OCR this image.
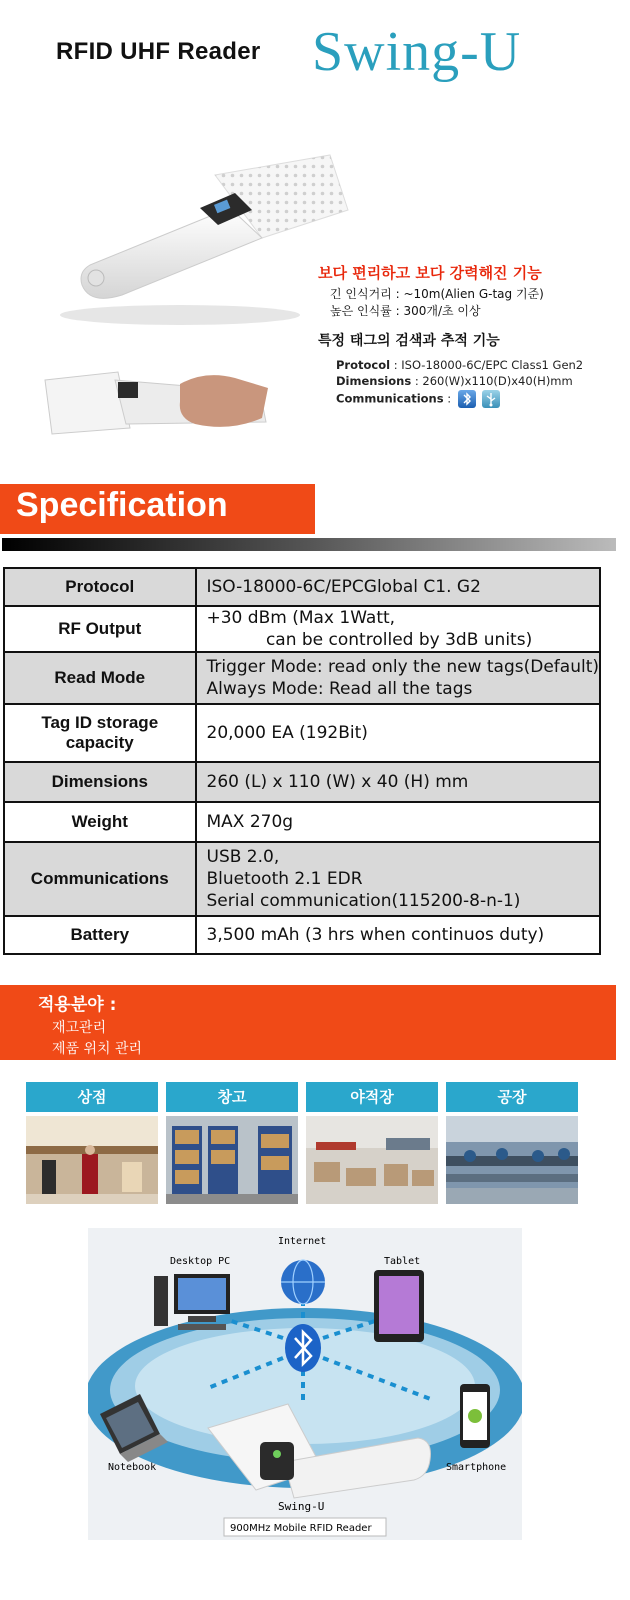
RFID UHF Reader Swing-U
보다 편리하고 보다 강력해진 기능
긴 인식거리 : ~10m(Alien G-tag 기준)
높은 인식률 : 300개/초 이상
특정 태그의 검색과 추적 기능
Protocol : ISO-18000-6C/EPC Class1 Gen2
Dimensions : 260(W)x110(D)x40(H)mm
Communications :
Specification
Protocol	ISO-18000-6C/EPCGlobal C1. G2

RF Output	+30 dBm (Max 1Watt,
can be controlled by 3dB units)

Read Mode	Trigger Mode: read only the new tags(Default)
Always Mode: Read all the tags

Tag ID storage capacity	20,000 EA (192Bit)

Dimensions	260 (L) x 110 (W) x 40 (H) mm

Weight	MAX 270g

Communications	USB 2.0,
Bluetooth 2.1 EDR
Serial communication(115200-8-n-1)

Battery	3,500 mAh (3 hrs when continuos duty)
적용분야 :
재고관리
제품 위치 관리
상점	창고	야적장	공장
Internet
Desktop PC	Tablet
Notebook	Smartphone
Swing-U
900MHz Mobile RFID Reader
